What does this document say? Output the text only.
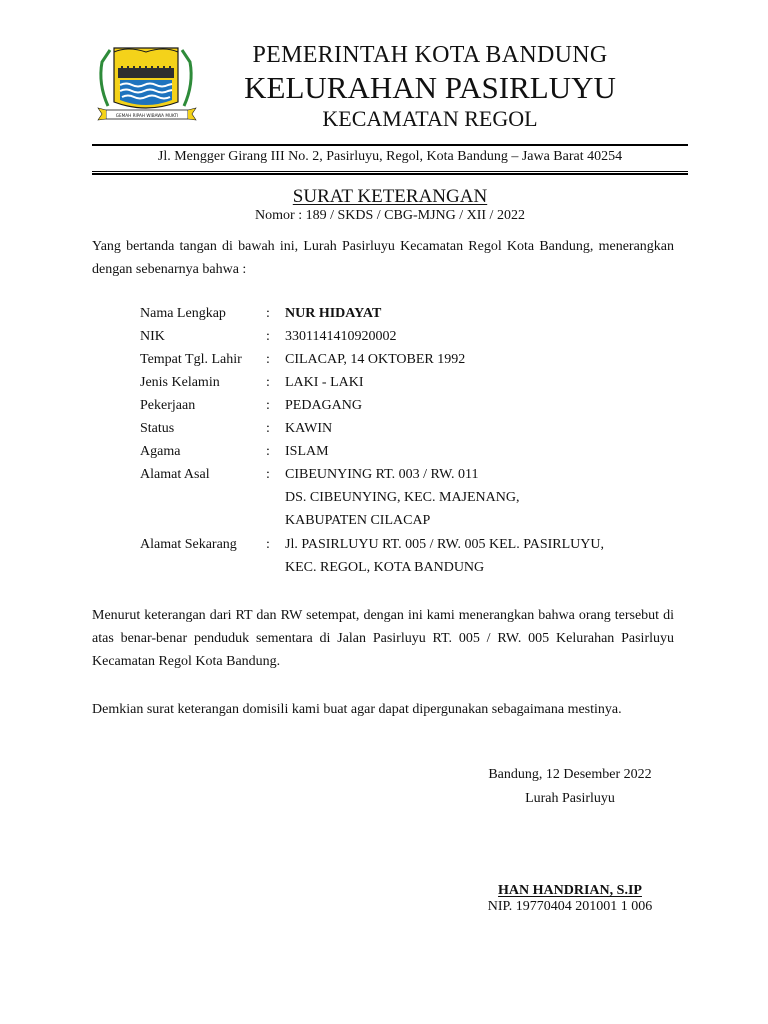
GEMAH RIPAH WIBAWA MUKTI
PEMERINTAH KOTA BANDUNG
KELURAHAN PASIRLUYU
KECAMATAN REGOL
Jl. Mengger Girang III No. 2, Pasirluyu, Regol, Kota Bandung – Jawa Barat 40254
SURAT KETERANGAN
Nomor : 189 / SKDS / CBG-MJNG / XII / 2022
Yang bertanda tangan di bawah ini, Lurah Pasirluyu Kecamatan Regol Kota Bandung, menerangkan dengan sebenarnya bahwa :
Nama Lengkap	: NUR HIDAYAT
NIK	: 3301141410920002
Tempat Tgl. Lahir : CILACAP, 14 OKTOBER 1992
Jenis Kelamin	: LAKI - LAKI
Pekerjaan	: PEDAGANG
Status	: KAWIN
Agama	: ISLAM
Alamat Asal	: CIBEUNYING RT. 003 / RW. 011
DS. CIBEUNYING, KEC. MAJENANG,
KABUPATEN CILACAP
Alamat Sekarang : Jl. PASIRLUYU RT. 005 / RW. 005 KEL. PASIRLUYU,
KEC. REGOL, KOTA BANDUNG
Menurut keterangan dari RT dan RW setempat, dengan ini kami menerangkan bahwa orang tersebut di atas benar-benar penduduk sementara di Jalan Pasirluyu RT. 005 / RW. 005 Kelurahan Pasirluyu Kecamatan Regol Kota Bandung.
Demkian surat keterangan domisili kami buat agar dapat dipergunakan sebagaimana mestinya.
Bandung, 12 Desember 2022
Lurah Pasirluyu
HAN HANDRIAN, S.IP
NIP. 19770404 201001 1 006
